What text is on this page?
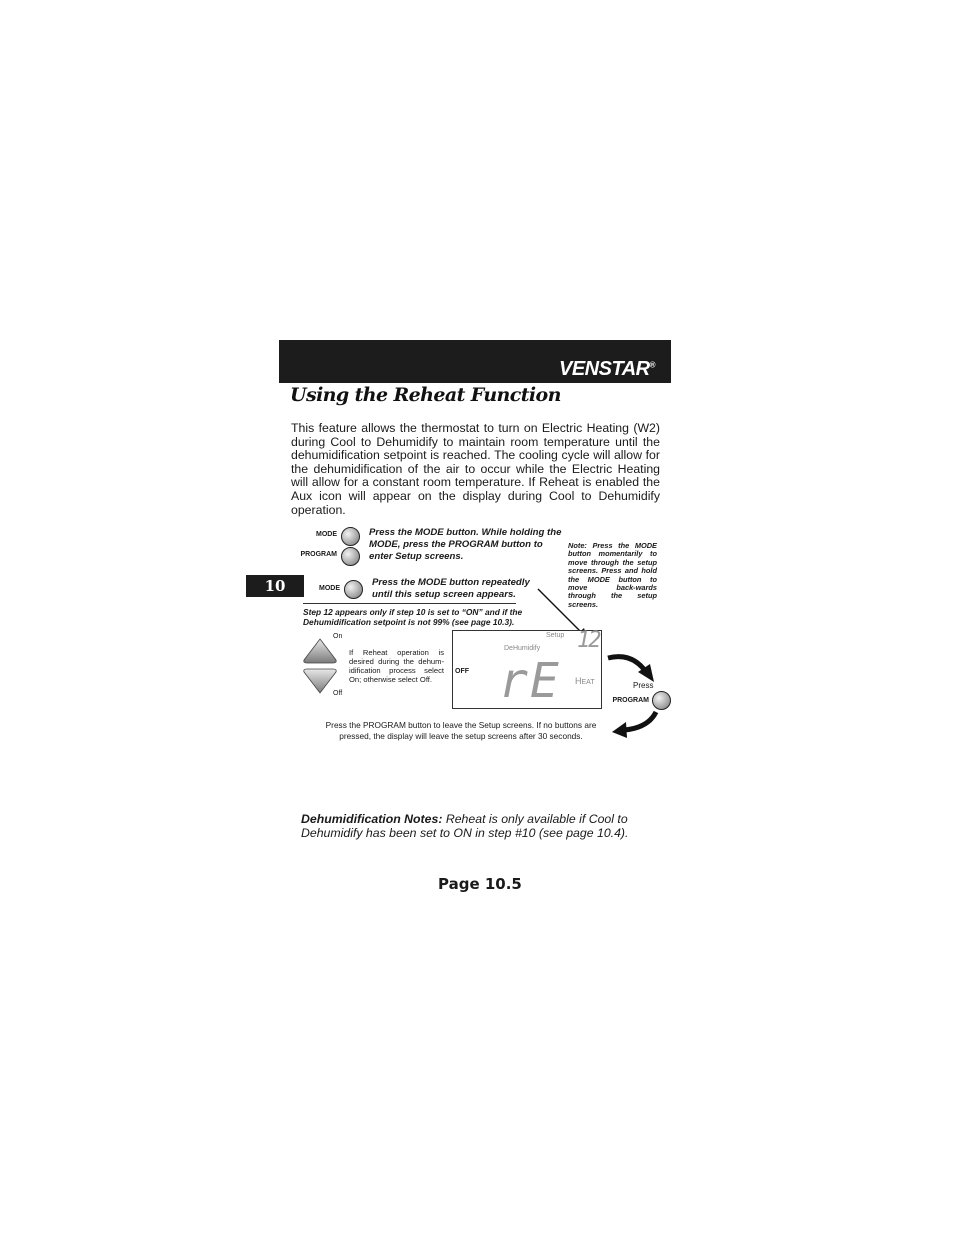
VENSTAR®
Using the Reheat Function
This feature allows the thermostat to turn on Electric Heating (W2) during Cool to Dehumidify to maintain room temperature until the dehumidification setpoint is reached. The cooling cycle will allow for the dehumidification of the air to occur while the Electric Heating will allow for a constant room temperature. If Reheat is enabled the Aux icon will appear on the display during Cool to Dehumidify operation.
MODE
PROGRAM
Press the MODE button. While holding the MODE, press the PROGRAM button to enter Setup screens.
Note: Press the MODE button momentarily to move through the setup screens. Press and hold the MODE button to move back-wards through the setup screens.
10	MODE
Press the MODE button repeatedly until this setup screen appears.
Step 12 appears only if step 10 is set to “ON” and if the Dehumidification setpoint is not 99% (see page 10.3).
On
Off
If Reheat operation is desired during the dehum-idification process select On; otherwise select Off.
Setup 12
DeHumidify
OFF rE HEAT	Press
PROGRAM
Press the PROGRAM button to leave the Setup screens. If no buttons are pressed, the display will leave the setup screens after 30 seconds.
Dehumidification Notes: Reheat is only available if Cool to Dehumidify has been set to ON in step #10 (see page 10.4).
Page 10.5
